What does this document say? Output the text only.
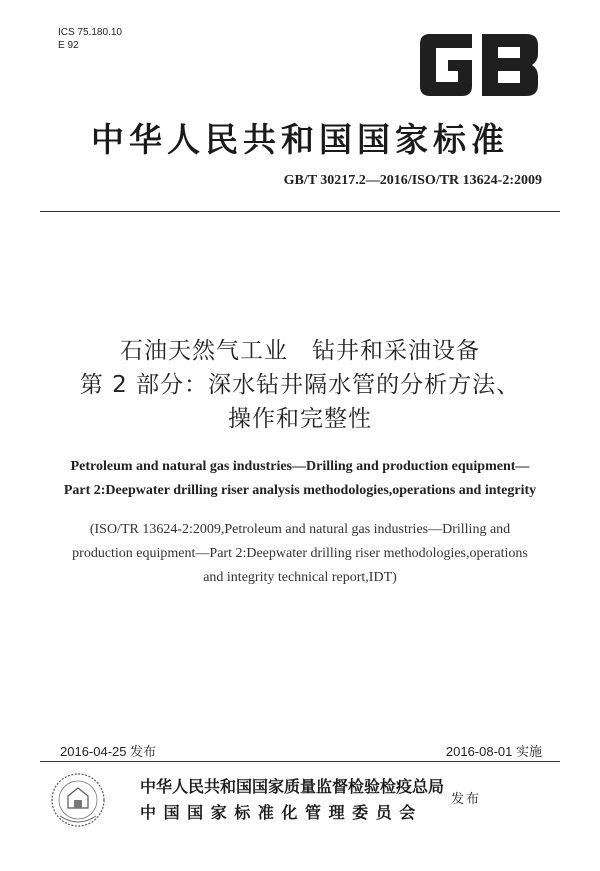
ICS 75.180.10
E 92
中华人民共和国国家标准
GB/T 30217.2—2016/ISO/TR 13624-2:2009
石油天然气工业　钻井和采油设备
第 2 部分：深水钻井隔水管的分析方法、
操作和完整性
Petroleum and natural gas industries—Drilling and production equipment—
Part 2:Deepwater drilling riser analysis methodologies,operations and integrity
(ISO/TR 13624-2:2009,Petroleum and natural gas industries—Drilling and
production equipment—Part 2:Deepwater drilling riser methodologies,operations
and integrity technical report,IDT)
2016-04-25 发布	2016-08-01 实施
中华人民共和国国家质量监督检验检疫总局
中 国 国 家 标 准 化 管 理 委 员 会
发布
